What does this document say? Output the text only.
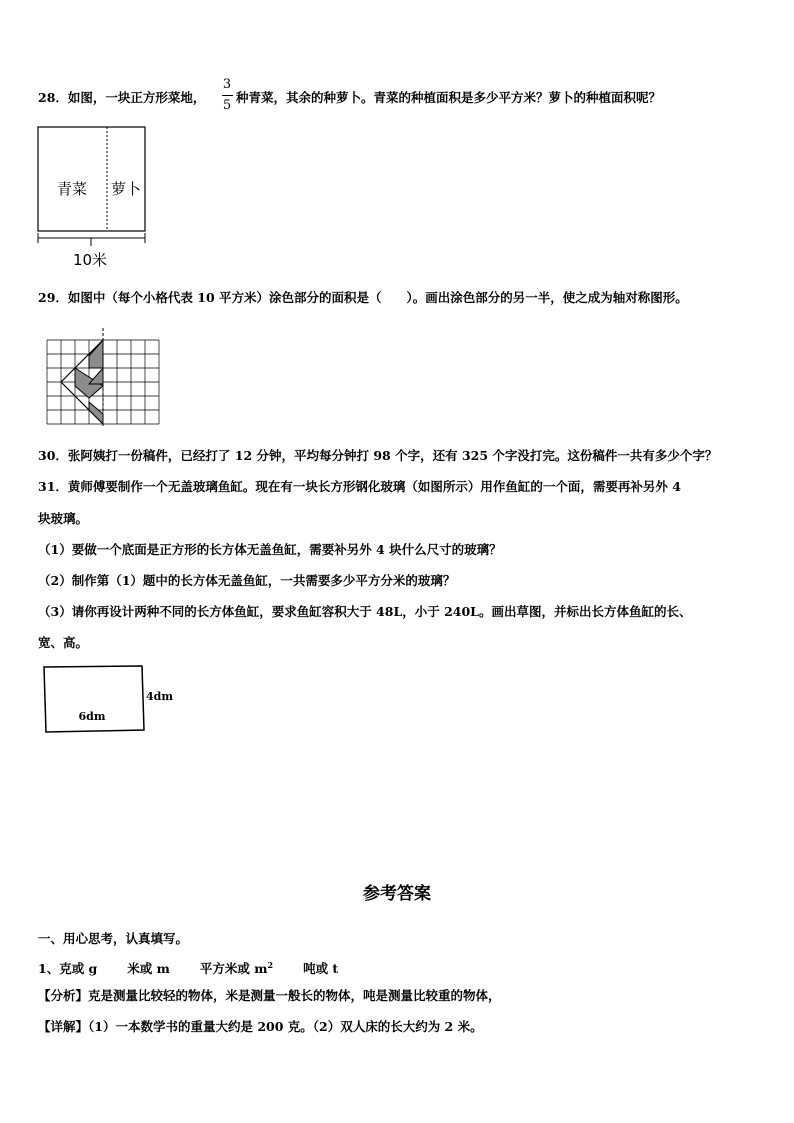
28．如图，一块正方形菜地，
3
5
种青菜，其余的种萝卜。青菜的种植面积是多少平方米？萝卜的种植面积呢？
青菜 萝卜
10米
29．如图中（每个小格代表 10 平方米）涂色部分的面积是（　　）。画出涂色部分的另一半，使之成为轴对称图形。
30．张阿姨打一份稿件，已经打了 12 分钟，平均每分钟打 98 个字，还有 325 个字没打完。这份稿件一共有多少个字？
31．黄师傅要制作一个无盖玻璃鱼缸。现在有一块长方形钢化玻璃（如图所示）用作鱼缸的一个面，需要再补另外 4
块玻璃。
（1）要做一个底面是正方形的长方体无盖鱼缸，需要补另外 4 块什么尺寸的玻璃？
（2）制作第（1）题中的长方体无盖鱼缸，一共需要多少平方分米的玻璃？
（3）请你再设计两种不同的长方体鱼缸，要求鱼缸容积大于 48L，小于 240L。画出草图，并标出长方体鱼缸的长、
宽、高。
6dm
4dm
参考答案
一、用心思考，认真填写。
1、克或 g 米或 m 平方米或 $m^2$ 吨或 t
【分析】克是测量比较轻的物体，米是测量一般长的物体，吨是测量比较重的物体，
【详解】（1）一本数学书的重量大约是 200 克。（2）双人床的长大约为 2 米。
